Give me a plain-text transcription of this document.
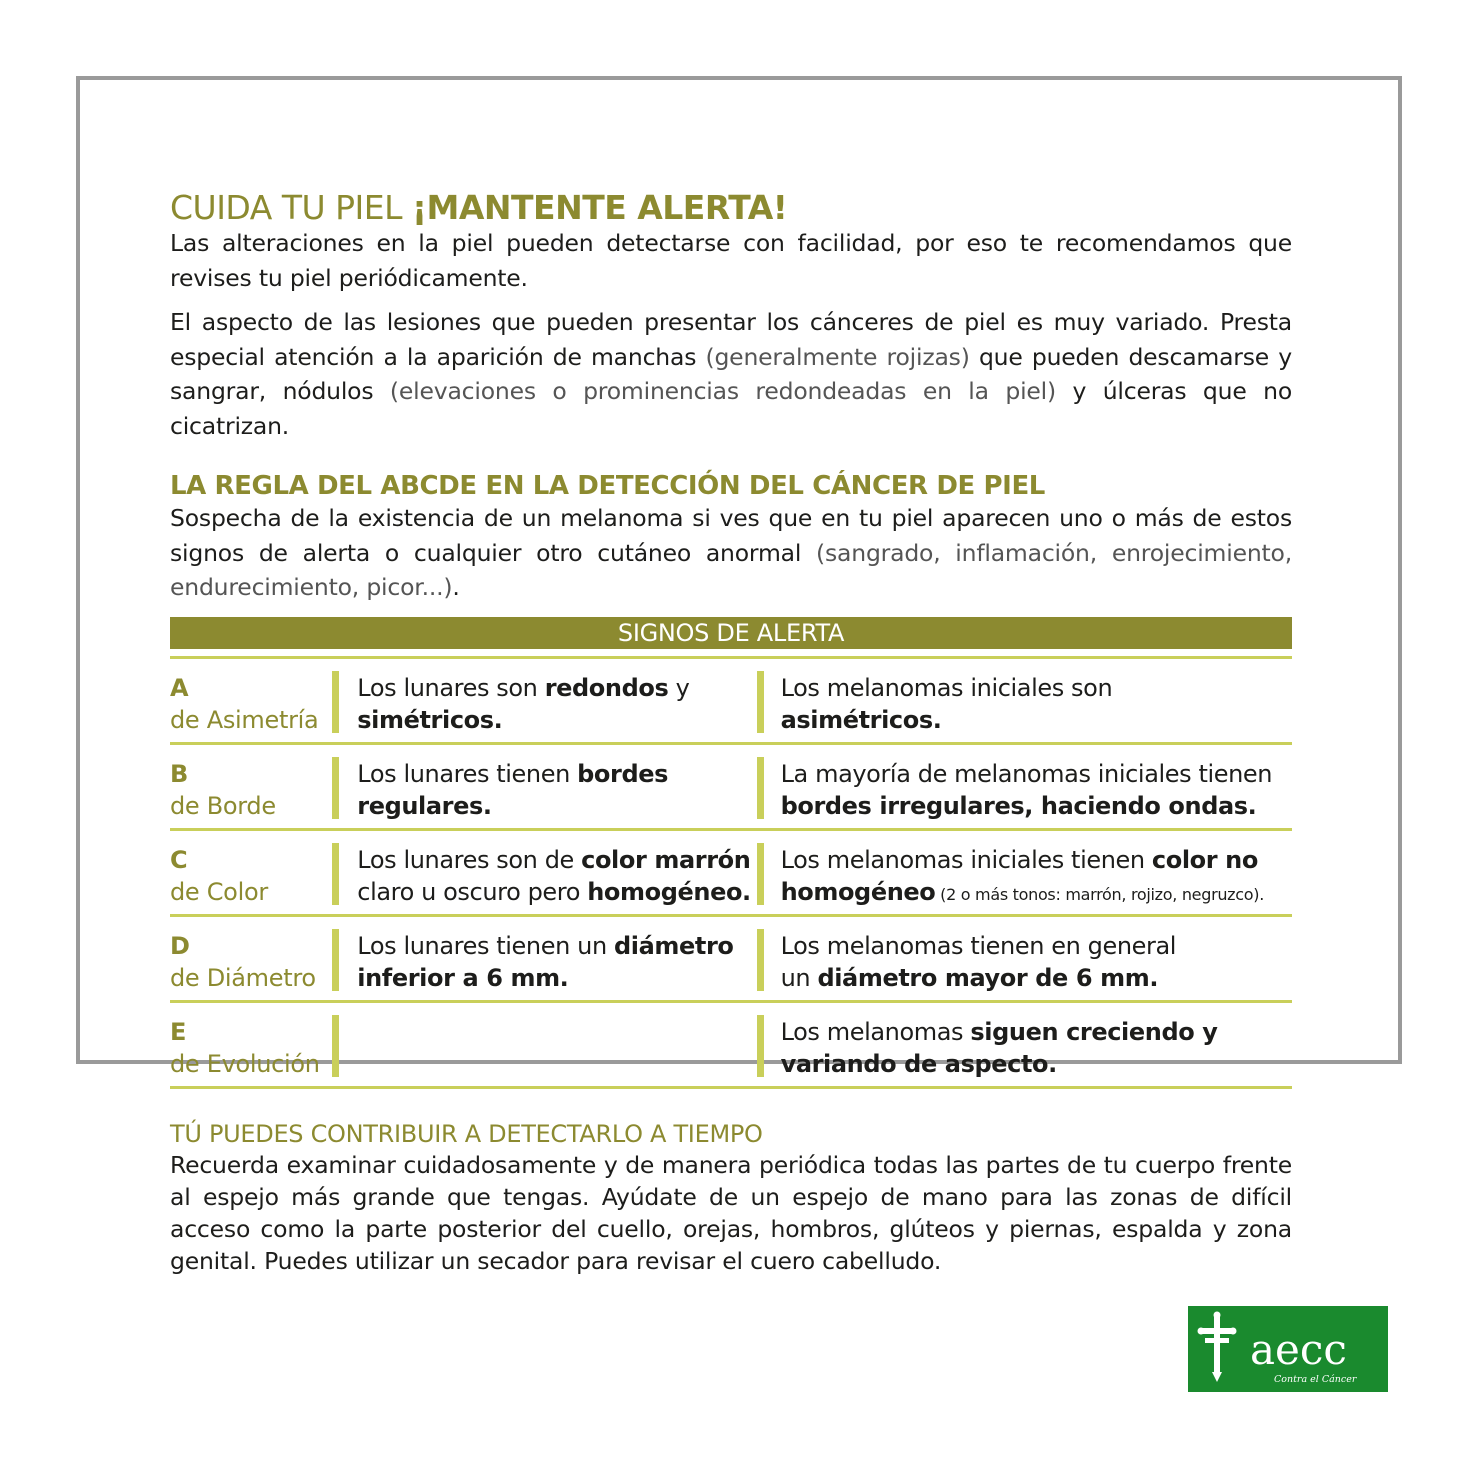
CUIDA TU PIEL ¡MANTENTE ALERTA!

Las alteraciones en la piel pueden detectarse con facilidad, por eso te recomendamos que revises tu piel periódicamente.

El aspecto de las lesiones que pueden presentar los cánceres de piel es muy variado. Presta especial atención a la aparición de manchas (generalmente rojizas) que pueden descamarse y sangrar, nódulos (elevaciones o prominencias redondeadas en la piel) y úlceras que no cicatrizan.

LA REGLA DEL ABCDE EN LA DETECCIÓN DEL CÁNCER DE PIEL

Sospecha de la existencia de un melanoma si ves que en tu piel aparecen uno o más de estos signos de alerta o cualquier otro cutáneo anormal (sangrado, inflamación, enrojecimiento, endurecimiento, picor...).

SIGNOS DE ALERTA
A
de Asimetría
Los lunares son redondos y
simétricos.
Los melanomas iniciales son
asimétricos.
B
de Borde
Los lunares tienen bordes
regulares.
La mayoría de melanomas iniciales tienen
bordes irregulares, haciendo ondas.
C
de Color
Los lunares son de color marrón
claro u oscuro pero homogéneo.
Los melanomas iniciales tienen color no
homogéneo (2 o más tonos: marrón, rojizo, negruzco).
D
de Diámetro
Los lunares tienen un diámetro
inferior a 6 mm.
Los melanomas tienen en general
un diámetro mayor de 6 mm.
E
de Evolución
Los melanomas siguen creciendo y
variando de aspecto.
TÚ PUEDES CONTRIBUIR A DETECTARLO A TIEMPO

Recuerda examinar cuidadosamente y de manera periódica todas las partes de tu cuerpo frente al espejo más grande que tengas. Ayúdate de un espejo de mano para las zonas de difícil acceso como la parte posterior del cuello, orejas, hombros, glúteos y piernas, espalda y zona genital. Puedes utilizar un secador para revisar el cuero cabelludo.

aecc
Contra el Cáncer
